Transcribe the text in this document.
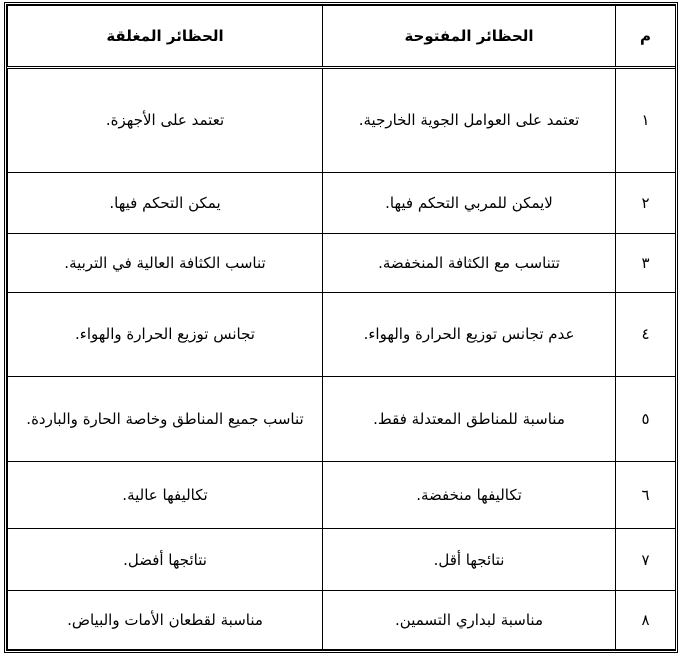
م	الحظائر المفتوحة	الحظائر المغلقة
١	تعتمد على العوامل الجوية الخارجية.	تعتمد على الأجهزة.
٢	لايمكن للمربي التحكم فيها.	يمكن التحكم فيها.
٣	تتناسب مع الكثافة المنخفضة.	تناسب الكثافة العالية في التربية.
٤	عدم تجانس توزيع الحرارة والهواء.	تجانس توزيع الحرارة والهواء.
٥	مناسبة للمناطق المعتدلة فقط.	تناسب جميع المناطق وخاصة الحارة والباردة.
٦	تكاليفها منخفضة.	تكاليفها عالية.
٧	نتائجها أقل.	نتائجها أفضل.
٨	مناسبة لبداري التسمين.	مناسبة لقطعان الأمات والبياض.
